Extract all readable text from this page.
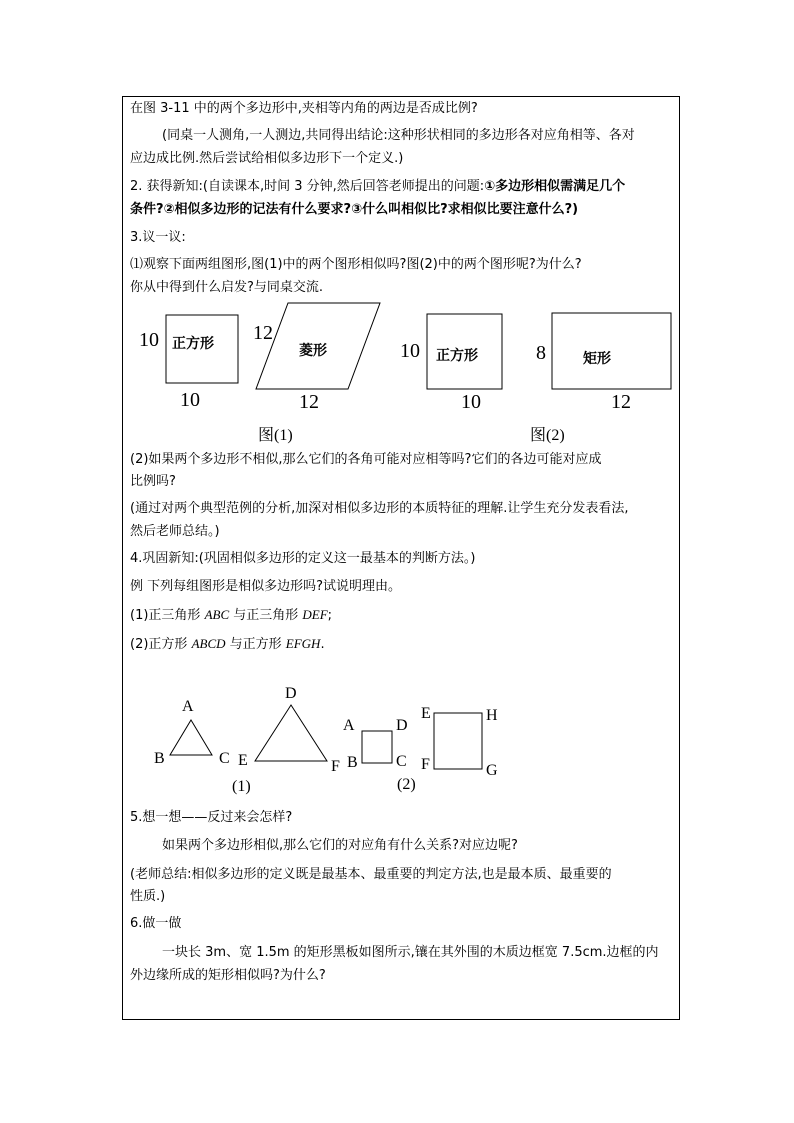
在图 3-11 中的两个多边形中,夹相等内角的两边是否成比例?
(同桌一人测角,一人测边,共同得出结论:这种形状相同的多边形各对应角相等、各对
应边成比例.然后尝试给相似多边形下一个定义.)
2. 获得新知:(自读课本,时间 3 分钟,然后回答老师提出的问题:①多边形相似需满足几个
条件?②相似多边形的记法有什么要求?③什么叫相似比?求相似比要注意什么?)
3.议一议:
⑴观察下面两组图形,图(1)中的两个图形相似吗?图(2)中的两个图形呢?为什么?
你从中得到什么启发?与同桌交流.
正方形
10
10
菱形
12
12
图(1)
正方形
10
10
矩形
8
12
图(2)
(2)如果两个多边形不相似,那么它们的各角可能对应相等吗?它们的各边可能对应成
比例吗?
(通过对两个典型范例的分析,加深对相似多边形的本质特征的理解.让学生充分发表看法,
然后老师总结。)
4.巩固新知:(巩固相似多边形的定义这一最基本的判断方法。)
例 下列每组图形是相似多边形吗?试说明理由。
(1)正三角形 ABC 与正三角形 DEF;
(2)正方形 ABCD 与正方形 EFGH.
A
B	C
D
E	F
(1)
A
B C
D
E
F	G
H
(2)
5.想一想——反过来会怎样?
如果两个多边形相似,那么它们的对应角有什么关系?对应边呢?
(老师总结:相似多边形的定义既是最基本、最重要的判定方法,也是最本质、最重要的
性质.)
6.做一做
一块长 3m、宽 1.5m 的矩形黑板如图所示,镶在其外围的木质边框宽 7.5cm.边框的内
外边缘所成的矩形相似吗?为什么?
